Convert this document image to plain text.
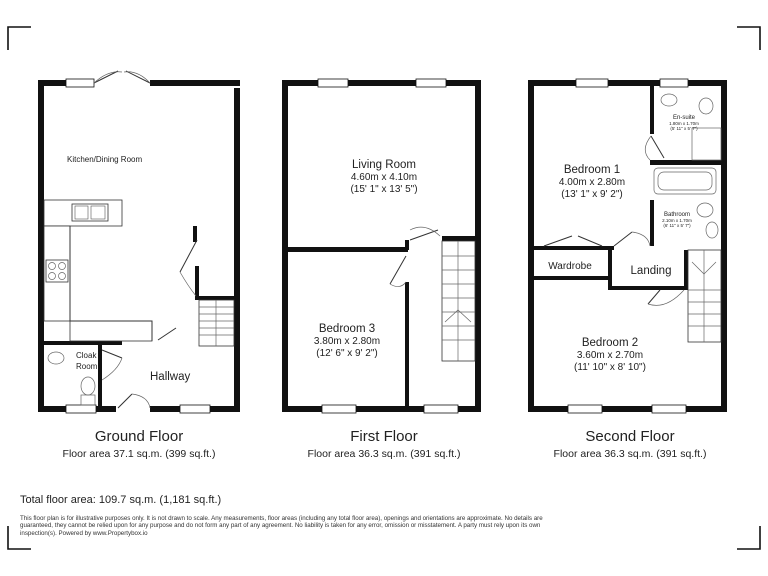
Kitchen/Dining Room
Cloak
Room
Hallway
Living Room
4.60m x 4.10m
(15' 1" x 13' 5")
Bedroom 3
3.80m x 2.80m
(12' 6" x 9' 2")
Bedroom 1
4.00m x 2.80m
(13' 1" x 9' 2")
En-suite
1.80m x 1.70m
(5' 11" x 5' 7")
Bathroom
2.10m x 1.70m
(6' 11" x 5' 7")
Wardrobe	Landing
Bedroom 2
3.60m x 2.70m
(11' 10" x 8' 10")
Ground Floor
Floor area 37.1 sq.m. (399 sq.ft.)
First Floor
Floor area 36.3 sq.m. (391 sq.ft.)
Second Floor
Floor area 36.3 sq.m. (391 sq.ft.)
Total floor area: 109.7 sq.m. (1,181 sq.ft.)
This floor plan is for illustrative purposes only. It is not drawn to scale. Any measurements, floor areas (including any total floor area), openings and orientations are approximate. No details are guaranteed, they cannot be relied upon for any purpose and do not form any part of any agreement. No liability is taken for any error, omission or misstatement. A party must rely upon its own inspection(s). Powered by www.Propertybox.io
